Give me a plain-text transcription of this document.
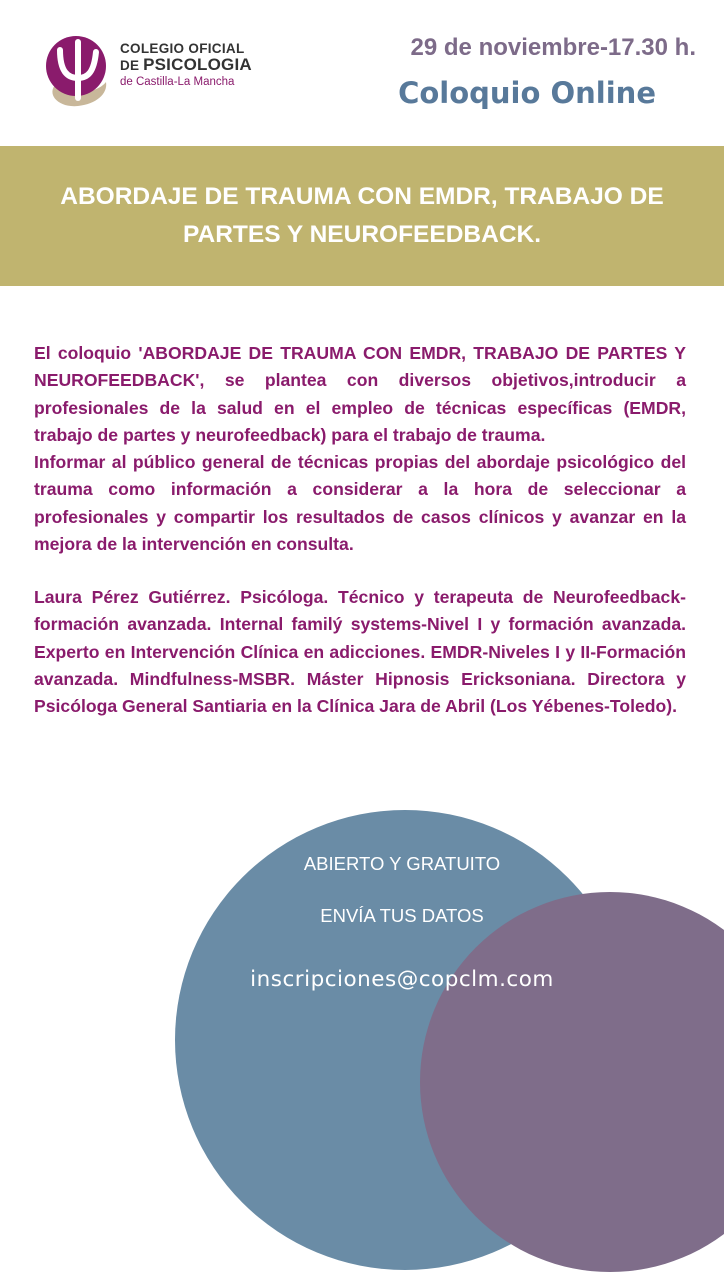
COLEGIO OFICIAL
DE PSICOLOGIA
de Castilla-La Mancha
29 de noviembre-17.30 h.
Coloquio Online
ABORDAJE DE TRAUMA CON EMDR, TRABAJO DE PARTES Y NEUROFEEDBACK.

El coloquio 'ABORDAJE DE TRAUMA CON EMDR, TRABAJO DE PARTES Y NEUROFEEDBACK', se plantea con diversos objetivos,introducir a profesionales de la salud en el empleo de técnicas específicas (EMDR, trabajo de partes y neurofeedback) para el trabajo de trauma.

Informar al público general de técnicas propias del abordaje psicológico del trauma como información a considerar a la hora de seleccionar a profesionales y compartir los resultados de casos clínicos y avanzar en la mejora de la intervención en consulta.

Laura Pérez Gutiérrez. Psicóloga. Técnico y terapeuta de Neurofeedback-formación avanzada. Internal familý systems-Nivel I y formación avanzada. Experto en Intervención Clínica en adicciones. EMDR-Niveles I y II-Formación avanzada. Mindfulness-MSBR. Máster Hipnosis Ericksoniana. Directora y Psicóloga General Santiaria en la Clínica Jara de Abril (Los Yébenes-Toledo).

ABIERTO Y GRATUITO
ENVÍA TUS DATOS
inscripciones@copclm.com
